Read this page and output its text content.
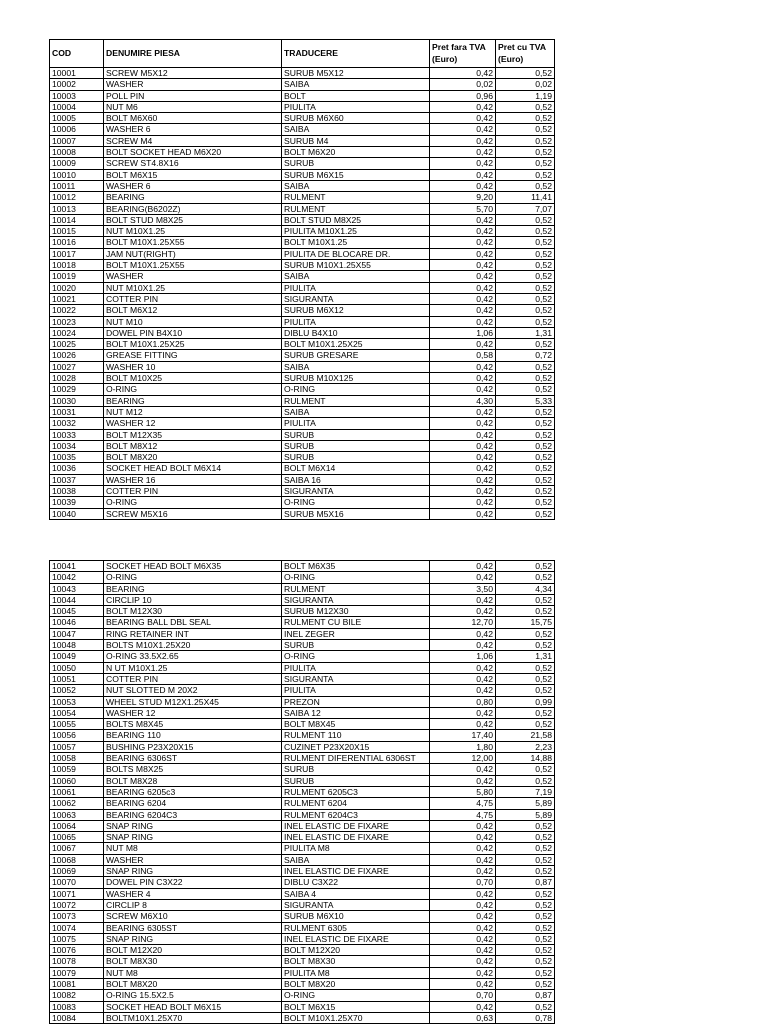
COD	DENUMIRE PIESA	TRADUCERE	Pret fara TVA (Euro)	Pret cu TVA (Euro)
10001	SCREW M5X12	SURUB M5X12	0,42	0,52
10002	WASHER	SAIBA	0,02	0,02
10003	POLL PIN	BOLT	0,96	1,19
10004	NUT M6	PIULITA	0,42	0,52
10005	BOLT M6X60	SURUB M6X60	0,42	0,52
10006	WASHER 6	SAIBA	0,42	0,52
10007	SCREW M4	SURUB M4	0,42	0,52
10008	BOLT SOCKET HEAD M6X20	BOLT M6X20	0,42	0,52
10009	SCREW ST4.8X16	SURUB	0,42	0,52
10010	BOLT M6X15	SURUB M6X15	0,42	0,52
10011	WASHER 6	SAIBA	0,42	0,52
10012	BEARING	RULMENT	9,20	11,41
10013	BEARING(B6202Z)	RULMENT	5,70	7,07
10014	BOLT STUD M8X25	BOLT STUD M8X25	0,42	0,52
10015	NUT M10X1.25	PIULITA M10X1.25	0,42	0,52
10016	BOLT M10X1.25X55	BOLT M10X1.25	0,42	0,52
10017	JAM NUT(RIGHT)	PIULITA DE BLOCARE DR.	0,42	0,52
10018	BOLT M10X1.25X55	SURUB M10X1.25X55	0,42	0,52
10019	WASHER	SAIBA	0,42	0,52
10020	NUT M10X1.25	PIULITA	0,42	0,52
10021	COTTER PIN	SIGURANTA	0,42	0,52
10022	BOLT M6X12	SURUB M6X12	0,42	0,52
10023	NUT M10	PIULITA	0,42	0,52
10024	DOWEL PIN B4X10	DIBLU B4X10	1,06	1,31
10025	BOLT M10X1.25X25	BOLT M10X1.25X25	0,42	0,52
10026	GREASE FITTING	SURUB GRESARE	0,58	0,72
10027	WASHER 10	SAIBA	0,42	0,52
10028	BOLT M10X25	SURUB M10X125	0,42	0,52
10029	O-RING	O-RING	0,42	0,52
10030	BEARING	RULMENT	4,30	5,33
10031	NUT M12	SAIBA	0,42	0,52
10032	WASHER 12	PIULITA	0,42	0,52
10033	BOLT M12X35	SURUB	0,42	0,52
10034	BOLT M8X12	SURUB	0,42	0,52
10035	BOLT M8X20	SURUB	0,42	0,52
10036	SOCKET HEAD BOLT M6X14	BOLT M6X14	0,42	0,52
10037	WASHER 16	SAIBA 16	0,42	0,52
10038	COTTER PIN	SIGURANTA	0,42	0,52
10039	O-RING	O-RING	0,42	0,52
10040	SCREW M5X16	SURUB M5X16	0,42	0,52
10041	SOCKET HEAD BOLT M6X35	BOLT M6X35	0,42	0,52
10042	O-RING	O-RING	0,42	0,52
10043	BEARING	RULMENT	3,50	4,34
10044	CIRCLIP 10	SIGURANTA	0,42	0,52
10045	BOLT M12X30	SURUB M12X30	0,42	0,52
10046	BEARING BALL DBL SEAL	RULMENT CU BILE	12,70	15,75
10047	RING RETAINER INT	INEL ZEGER	0,42	0,52
10048	BOLTS M10X1.25X20	SURUB	0,42	0,52
10049	O-RING 33.5X2.65	O-RING	1,06	1,31
10050	N UT M10X1.25	PIULITA	0,42	0,52
10051	COTTER PIN	SIGURANTA	0,42	0,52
10052	NUT SLOTTED M 20X2	PIULITA	0,42	0,52
10053	WHEEL STUD M12X1.25X45	PREZON	0,80	0,99
10054	WASHER 12	SAIBA 12	0,42	0,52
10055	BOLTS M8X45	BOLT M8X45	0,42	0,52
10056	BEARING 110	RULMENT 110	17,40	21,58
10057	BUSHING P23X20X15	CUZINET P23X20X15	1,80	2,23
10058	BEARING 6306ST	RULMENT DIFERENTIAL 6306ST	12,00	14,88
10059	BOLTS M8X25	SURUB	0,42	0,52
10060	BOLT M8X28	SURUB	0,42	0,52
10061	BEARING 6205c3	RULMENT 6205C3	5,80	7,19
10062	BEARING 6204	RULMENT 6204	4,75	5,89
10063	BEARING 6204C3	RULMENT 6204C3	4,75	5,89
10064	SNAP RING	INEL ELASTIC DE FIXARE	0,42	0,52
10065	SNAP RING	INEL ELASTIC DE FIXARE	0,42	0,52
10067	NUT M8	PIULITA M8	0,42	0,52
10068	WASHER	SAIBA	0,42	0,52
10069	SNAP RING	INEL ELASTIC DE FIXARE	0,42	0,52
10070	DOWEL PIN C3X22	DIBLU C3X22	0,70	0,87
10071	WASHER 4	SAIBA 4	0,42	0,52
10072	CIRCLIP 8	SIGURANTA	0,42	0,52
10073	SCREW M6X10	SURUB M6X10	0,42	0,52
10074	BEARING 6305ST	RULMENT 6305	0,42	0,52
10075	SNAP RING	INEL ELASTIC DE FIXARE	0,42	0,52
10076	BOLT M12X20	BOLT M12X20	0,42	0,52
10078	BOLT M8X30	BOLT M8X30	0,42	0,52
10079	NUT M8	PIULITA M8	0,42	0,52
10081	BOLT M8X20	BOLT M8X20	0,42	0,52
10082	O-RING 15.5X2.5	O-RING	0,70	0,87
10083	SOCKET HEAD BOLT M6X15	BOLT M6X15	0,42	0,52
10084	BOLTM10X1.25X70	BOLT M10X1.25X70	0,63	0,78
